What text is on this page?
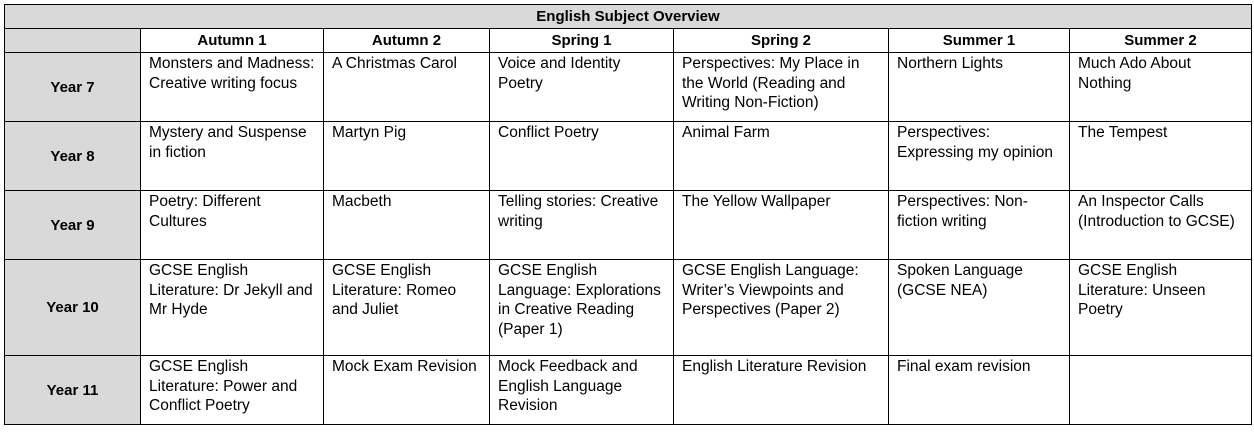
English Subject Overview						
	Autumn 1	Autumn 2	Spring 1	Spring 2	Summer 1	Summer 2
Year 7	Monsters and Madness: Creative writing focus	A Christmas Carol	Voice and Identity Poetry	Perspectives: My Place in the World (Reading and Writing Non-Fiction)	Northern Lights	Much Ado About Nothing
Year 8	Mystery and Suspense in fiction	Martyn Pig	Conflict Poetry	Animal Farm	Perspectives: Expressing my opinion	The Tempest
Year 9	Poetry: Different Cultures	Macbeth	Telling stories: Creative writing	The Yellow Wallpaper	Perspectives: Non-fiction writing	An Inspector Calls (Introduction to GCSE)
Year 10	GCSE English Literature: Dr Jekyll and Mr Hyde	GCSE English Literature: Romeo and Juliet	GCSE English Language: Explorations in Creative Reading (Paper 1)	GCSE English Language: Writer’s Viewpoints and Perspectives (Paper 2)	Spoken Language (GCSE NEA)	GCSE English Literature: Unseen Poetry
Year 11	GCSE English Literature: Power and Conflict Poetry	Mock Exam Revision	Mock Feedback and English Language Revision	English Literature Revision	Final exam revision	
